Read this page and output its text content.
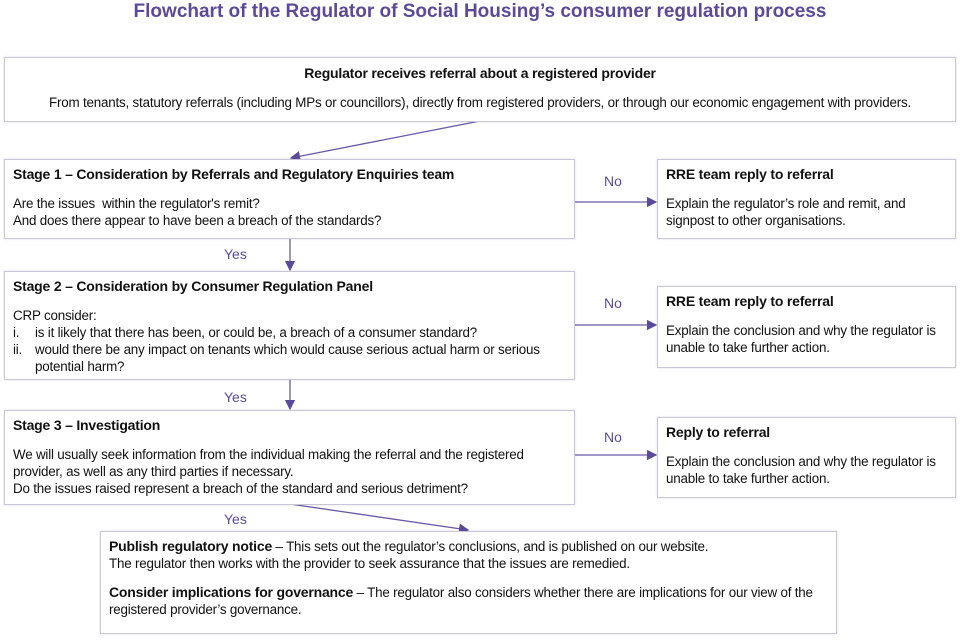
Flowchart of the Regulator of Social Housing’s consumer regulation process
Regulator receives referral about a registered provider
From tenants, statutory referrals (including MPs or councillors), directly from registered providers, or through our economic engagement with providers.
Stage 1 – Consideration by Referrals and Regulatory Enquiries team

Are the issues  within the regulator's remit?

And does there appear to have been a breach of the standards?

Stage 2 – Consideration by Consumer Regulation Panel

CRP consider:

i. is it likely that there has been, or could be, a breach of a consumer standard?
ii. would there be any impact on tenants which would cause serious actual harm or serious potential harm?
Stage 3 – Investigation

We will usually seek information from the individual making the referral and the registered provider, as well as any third parties if necessary.

Do the issues raised represent a breach of the standard and serious detriment?

RRE team reply to referral

Explain the regulator’s role and remit, and signpost to other organisations.

RRE team reply to referral

Explain the conclusion and why the regulator is unable to take further action.

Reply to referral

Explain the conclusion and why the regulator is unable to take further action.

No
No
No
Yes
Yes
Yes

Publish regulatory notice – This sets out the regulator’s conclusions, and is published on our website.

The regulator then works with the provider to seek assurance that the issues are remedied.

Consider implications for governance – The regulator also considers whether there are implications for our view of the registered provider’s governance.
